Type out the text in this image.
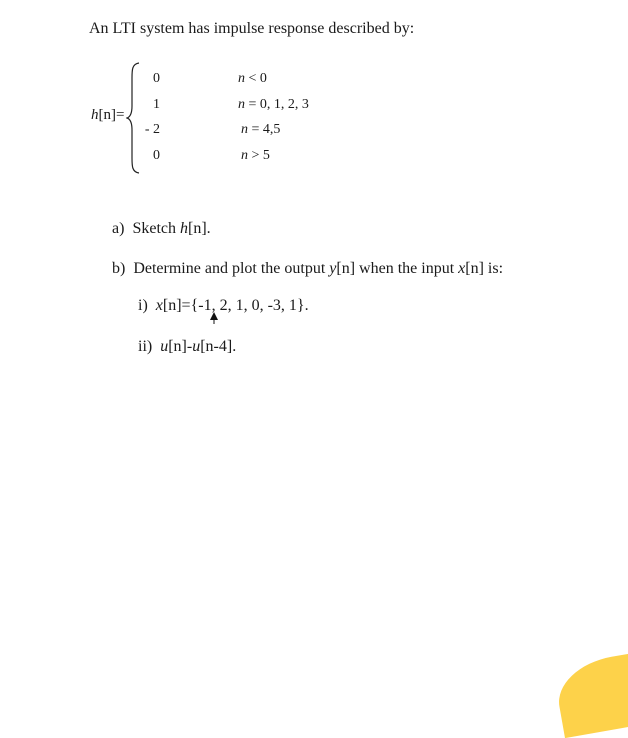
An LTI system has impulse response described by:
h[n]=
0
1
- 2
0
n < 0
n = 0, 1, 2, 3
n = 4,5
n > 5
a) Sketch h[n].
b) Determine and plot the output y[n] when the input x[n] is:
i) x[n]={-1, 2, 1, 0, -3, 1}.
ii) u[n]-u[n-4].
